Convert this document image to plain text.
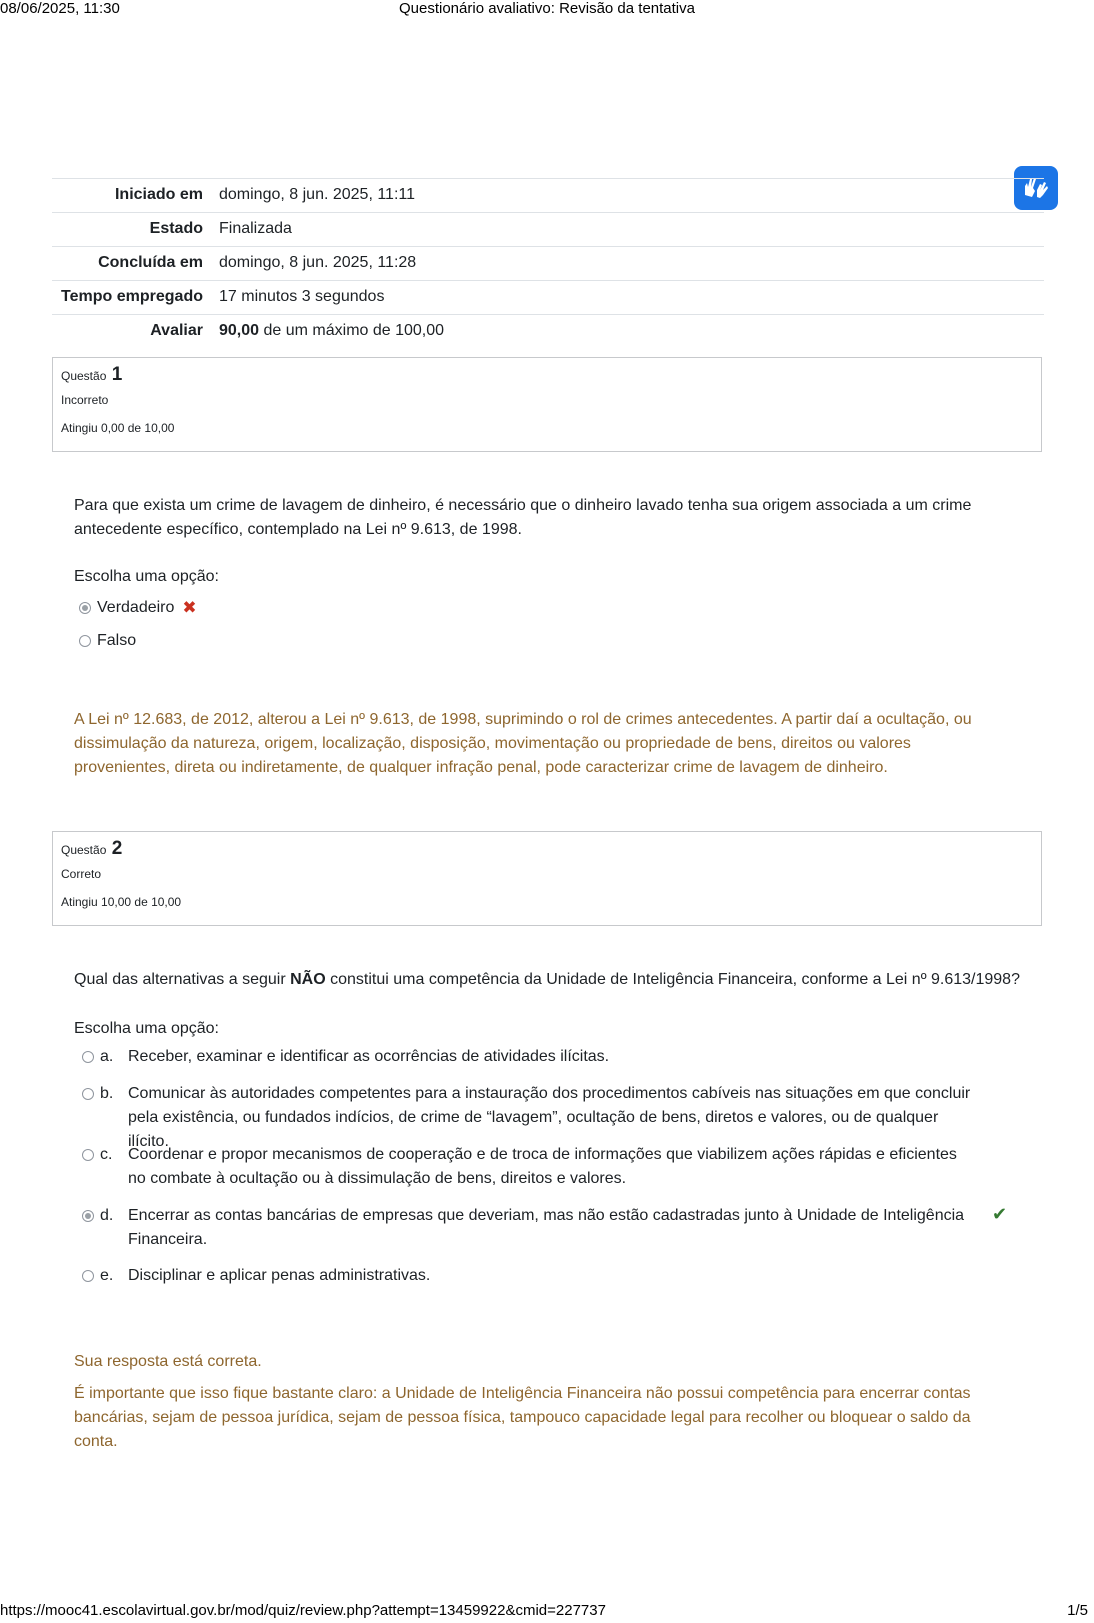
08/06/2025, 11:30	Questionário avaliativo: Revisão da tentativa
Iniciado em	domingo, 8 jun. 2025, 11:11
Estado	Finalizada
Concluída em	domingo, 8 jun. 2025, 11:28
Tempo empregado	17 minutos 3 segundos
Avaliar	90,00 de um máximo de 100,00
Questão 1
Incorreto
Atingiu 0,00 de 10,00
Para que exista um crime de lavagem de dinheiro, é necessário que o dinheiro lavado tenha sua origem associada a um crime antecedente específico, contemplado na Lei nº 9.613, de 1998.
Escolha uma opção:
Verdadeiro ✖
Falso
A Lei nº 12.683, de 2012, alterou a Lei nº 9.613, de 1998, suprimindo o rol de crimes antecedentes. A partir daí a ocultação, ou dissimulação da natureza, origem, localização, disposição, movimentação ou propriedade de bens, direitos ou valores provenientes, direta ou indiretamente, de qualquer infração penal, pode caracterizar crime de lavagem de dinheiro.
Questão 2
Correto
Atingiu 10,00 de 10,00
Qual das alternativas a seguir NÃO constitui uma competência da Unidade de Inteligência Financeira, conforme a Lei nº 9.613/1998?
Escolha uma opção:
a. Receber, examinar e identificar as ocorrências de atividades ilícitas.
b. Comunicar às autoridades competentes para a instauração dos procedimentos cabíveis nas situações em que concluir pela existência, ou fundados indícios, de crime de “lavagem”, ocultação de bens, diretos e valores, ou de qualquer ilícito.
c. Coordenar e propor mecanismos de cooperação e de troca de informações que viabilizem ações rápidas e eficientes no combate à ocultação ou à dissimulação de bens, direitos e valores.
d. Encerrar as contas bancárias de empresas que deveriam, mas não estão cadastradas junto à Unidade de Inteligência Financeira.
✔
e. Disciplinar e aplicar penas administrativas.
Sua resposta está correta.
É importante que isso fique bastante claro: a Unidade de Inteligência Financeira não possui competência para encerrar contas bancárias, sejam de pessoa jurídica, sejam de pessoa física, tampouco capacidade legal para recolher ou bloquear o saldo da conta.
https://mooc41.escolavirtual.gov.br/mod/quiz/review.php?attempt=13459922&cmid=227737	1/5
